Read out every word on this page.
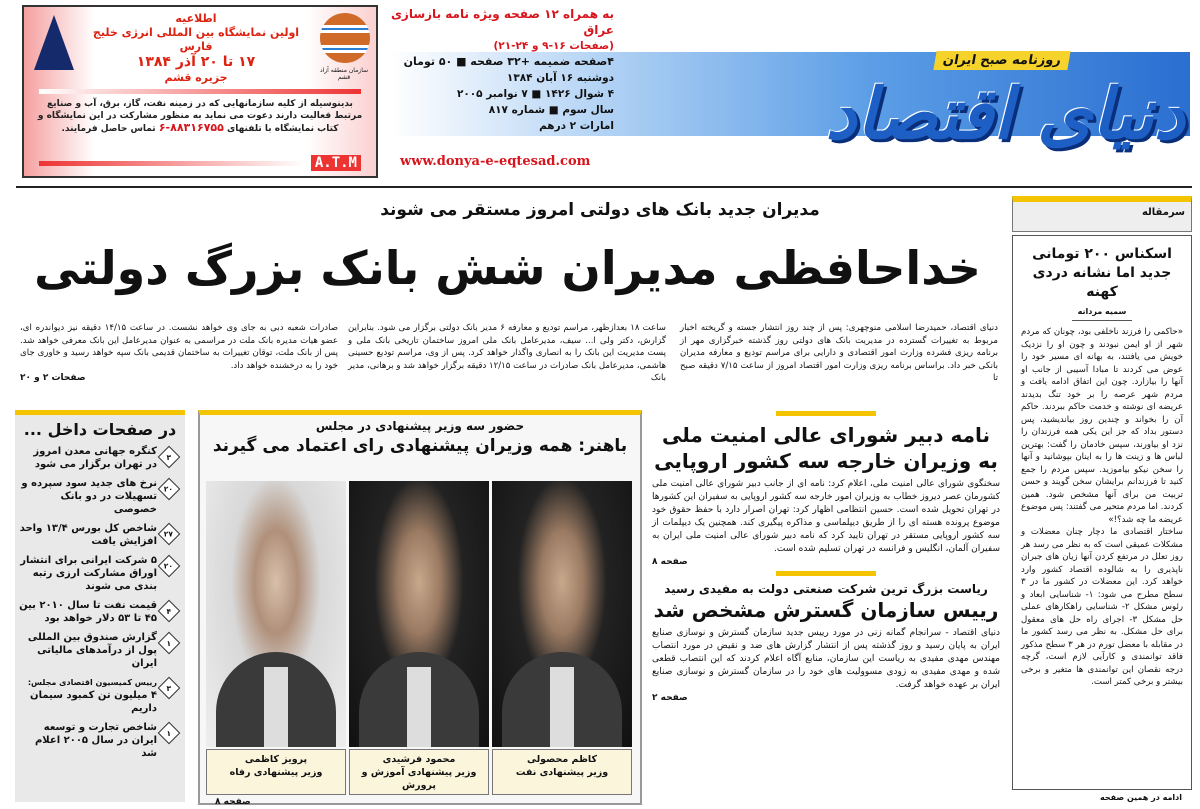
سازمان منطقه آزاد قشم
اطلاعیه
اولین نمایشگاه بین المللی انرژی خلیج فارس
۱۷ تا ۲۰ آذر ۱۳۸۴
جزیره قشم
بدینوسیله از کلیه سازمانهایی که در زمینه نفت، گاز، برق، آب و صنایع مرتبط فعالیت دارند دعوت می نماید به منظور مشارکت در این نمایشگاه و کتاب نمایشگاه با تلفنهای ۸۸۳۱۶۷۵۵-۶ تماس حاصل فرمایند.
A.T.M
دنیای اقتصاد
روزنامه صبح ایران
به همراه ۱۲ صفحه ویژه نامه بازسازی عراق
(صفحات ۱۶-۹ و ۲۴-۲۱)
۴صفحه ضمیمه +۳۲ صفحه ■ ۵۰ تومان
دوشنبه ۱۶ آبان ۱۳۸۴
۴ شوال ۱۴۲۶ ■ ۷ نوامبر ۲۰۰۵
سال سوم ■ شماره ۸۱۷
امارات ۲ درهم
www.donya-e-eqtesad.com
مدیران جدید بانک های دولتی امروز مستقر می شوند
خداحافظی مدیران شش بانک بزرگ دولتی
دنیای اقتصاد، حمیدرضا اسلامی منوچهری: پس از چند روز انتشار جسته و گریخته اخبار مربوط به تغییرات گسترده در مدیریت بانک های دولتی روز گذشته خبرگزاری مهر از برنامه ریزی فشرده وزارت امور اقتصادی و دارایی برای مراسم تودیع و معارفه مدیران بانکی خبر داد. براساس برنامه ریزی وزارت امور اقتصاد امروز از ساعت ۷/۱۵ دقیقه صبح تا
ساعت ۱۸ بعدازظهر، مراسم تودیع و معارفه ۶ مدیر بانک دولتی برگزار می شود. بنابراین گزارش، دکتر ولی ا... سیف، مدیرعامل بانک ملی امروز ساختمان تاریخی بانک ملی و پست مدیریت این بانک را به انصاری واگذار خواهد کرد. پس از وی، مراسم تودیع حسینی هاشمی، مدیرعامل بانک صادرات در ساعت ۱۲/۱۵ دقیقه برگزار خواهد شد و برهانی، مدیر بانک
صادرات شعبه دبی به جای وی خواهد نشست. در ساعت ۱۴/۱۵ دقیقه نیز دیواندره ای، عضو هیات مدیره بانک ملت در مراسمی به عنوان مدیرعامل این بانک معرفی خواهد شد. پس از بانک ملت، توقان تغییرات به ساختمان قدیمی بانک سپه خواهد رسید و خاوری جای خود را به درخشنده خواهد داد.
صفحات ۲ و ۲۰
در صفحات داخل ...
۳
کنگره جهانی معدن امروز در تهران برگزار می شود
۲۰
نرخ های جدید سود سپرده و تسهیلات در دو بانک خصوصی
۲۷
شاخص کل بورس ۱۳/۴ واحد افزایش یافت
۲۰
۵ شرکت ایرانی برای انتشار اوراق مشارکت ارزی رتبه بندی می شوند
۴
قیمت نفت تا سال ۲۰۱۰ بین ۴۵ تا ۵۳ دلار خواهد بود
۱
گزارش صندوق بین المللی پول از درآمدهای مالیاتی ایران
۳
رییس کمیسیون اقتصادی مجلس:
۴ میلیون تن کمبود سیمان داریم
۱
شاخص تجارت و توسعه ایران در سال ۲۰۰۵ اعلام شد
حضور سه وزیر پیشنهادی در مجلس
باهنر: همه وزیران پیشنهادی رای اعتماد می گیرند
کاظم محصولی
وزیر پیشنهادی نفت
محمود فرشیدی
وزیر پیشنهادی آموزش و پرورش
پرویز کاظمی
وزیر پیشنهادی رفاه
صفحه ۸
نامه دبیر شورای عالی امنیت ملی به وزیران خارجه سه کشور اروپایی
سخنگوی شورای عالی امنیت ملی، اعلام کرد: نامه ای از جانب دبیر شورای عالی امنیت ملی کشورمان عصر دیروز خطاب به وزیران امور خارجه سه کشور اروپایی به سفیران این کشورها در تهران تحویل شده است. حسین انتظامی اظهار کرد: تهران اصرار دارد با حفظ حقوق خود موضوع پرونده هسته ای را از طریق دیپلماسی و مذاکره پیگیری کند. همچنین یک دیپلمات از سه کشور اروپایی مستقر در تهران تایید کرد که نامه دبیر شورای عالی امنیت ملی ایران به سفیران آلمان، انگلیس و فرانسه در تهران تسلیم شده است.
صفحه ۸
ریاست بزرگ ترین شرکت صنعتی دولت به مفیدی رسید
رییس سازمان گسترش مشخص شد
دنیای اقتصاد - سرانجام گمانه زنی در مورد رییس جدید سازمان گسترش و نوسازی صنایع ایران به پایان رسید و روز گذشته پس از انتشار گزارش های ضد و نقیض در مورد انتصاب مهندس مهدی مفیدی به ریاست این سازمان، منابع آگاه اعلام کردند که این انتصاب قطعی شده و مهدی مفیدی به زودی مسوولیت های خود را در سازمان گسترش و نوسازی صنایع ایران بر عهده خواهد گرفت.
صفحه ۲
سرمقاله
اسکناس ۲۰۰ تومانی جدید اما نشانه دردی کهنه
سمیه مردانه

«حاکمی را فرزند ناخلفی بود، چونان که مردم شهر از او ایمن نبودند و چون او را نزدیک خویش می یافتند، به بهانه ای مسیر خود را عوض می کردند تا مبادا آسیبی از جانب او آنها را بیازارد. چون این اتفاق ادامه یافت و مردم شهر عرصه را بر خود تنگ بدیدند عریضه ای نوشته و خدمت حاکم ببردند. حاکم آن را بخواند و چندین روز بیاندیشید، پس دستور بداد که جز این یکی همه فرزندان را نزد او بیاورند، سپس خادمان را گفت: بهترین لباس ها و زینت ها را به اینان بپوشانید و آنها را سخن نیکو بیاموزید. سپس مردم را جمع کنید تا فرزندانم برایشان سخن گویند و حسن تربیت من برای آنها مشخص شود. همین کردند. اما مردم متحیر می گفتند: پس موضوع عریضه ما چه شد؟!»

ساختار اقتصادی ما دچار چنان معضلات و مشکلات عمیقی است که به نظر می رسد هر روز تعلل در مرتفع کردن آنها زیان های جبران ناپذیری را به شالوده اقتصاد کشور وارد خواهد کرد. این معضلات در کشور ما در ۳ سطح مطرح می شود: ۱- شناسایی ابعاد و رئوس مشکل ۲- شناسایی راهکارهای عملی حل مشکل ۳- اجرای راه حل های معقول برای حل مشکل. به نظر می رسد کشور ما در مقابله با معضل تورم در هر ۳ سطح مذکور فاقد توانمندی و کارآیی لازم است، گرچه درجه نقصان این توانمندی ها متغیر و برخی بیشتر و برخی کمتر است.

ادامه در همین صفحه
